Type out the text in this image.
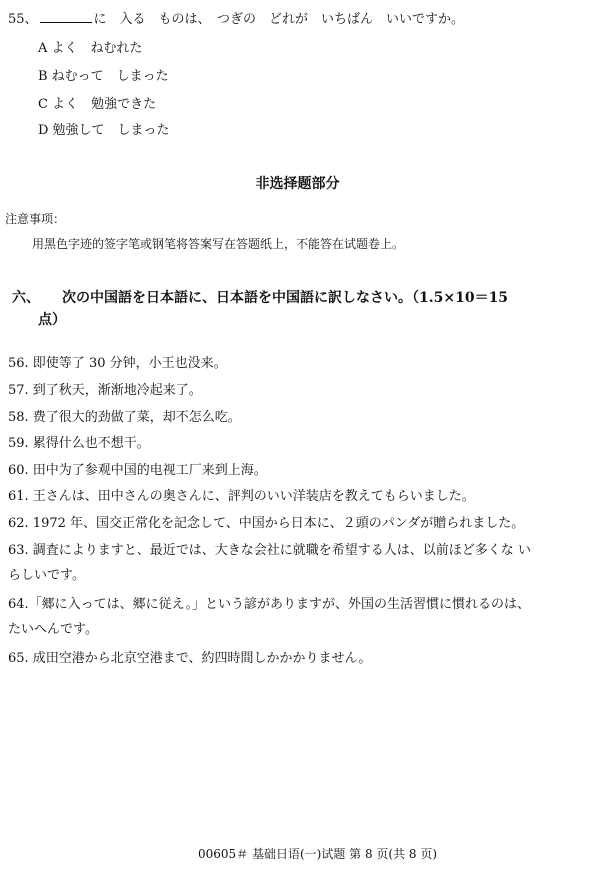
55、	に　入る　ものは、　つぎの　どれが　いちばん　いいですか。
A よく　ねむれた
B ねむって　しまった
C よく　勉強できた
D 勉強して　しまった
非选择题部分
注意事项：
用黑色字迹的签字笔或钢笔将答案写在答题纸上，不能答在试题卷上。
六、 次の中国語を日本語に、日本語を中国語に訳しなさい。（1.5×10＝15
点）
56. 即使等了 30 分钟，小王也没来。
57. 到了秋天，渐渐地冷起来了。
58. 费了很大的劲做了菜，却不怎么吃。
59. 累得什么也不想干。
60. 田中为了参观中国的电视工厂来到上海。
61. 王さんは、田中さんの奥さんに、評判のいい洋装店を教えてもらいました。
62. 1972 年、国交正常化を記念して、中国から日本に、２頭のパンダが贈られました。
63. 調査によりますと、最近では、大きな会社に就職を希望する人は、以前ほど多くな い
らしいです。
64.「郷に入っては、郷に従え。」という諺がありますが、外国の生活習慣に慣れるのは、
たいへんです。
65. 成田空港から北京空港まで、約四時間しかかかりません。
00605＃ 基础日语(一)试题 第 8 页(共 8 页)
